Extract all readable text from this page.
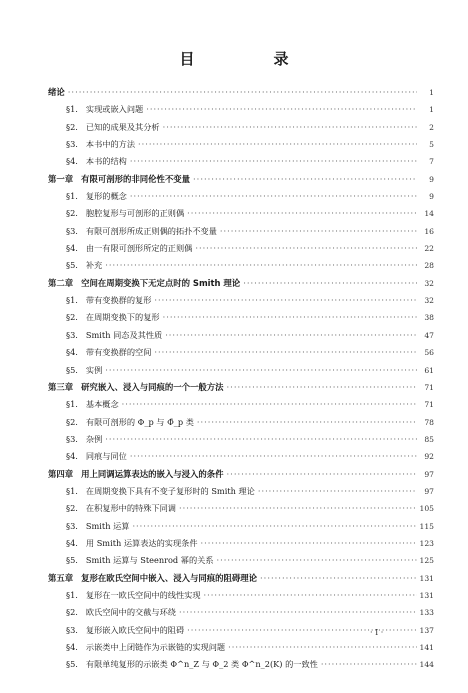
目　录
绪论 ·····	1
§1. 实现或嵌入问题 ·····	1
§2. 已知的成果及其分析 ·····	2
§3. 本书中的方法 ·····	5
§4. 本书的结构 ·····	7
第一章 有限可剖形的非同伦性不变量 ·····	9
§1. 复形的概念 ·····	9
§2. 胞腔复形与可剖形的正则偶 ·····	14
§3. 有限可剖形所成正则偶的拓扑不变量 ·····	16
§4. 由一有限可剖形所定的正则偶 ·····	22
§5. 补充 ·····	28
第二章 空间在周期变换下无定点时的 Smith 理论 ·····	32
§1. 带有变换群的复形 ·····	32
§2. 在周期变换下的复形 ·····	38
§3. Smith 同态及其性质 ·····	47
§4. 带有变换群的空间 ·····	56
§5. 实例 ·····	61
第三章 研究嵌入、浸入与同痕的一个一般方法 ·····	71
§1. 基本概念 ·····	71
§2. 有限可剖形的 Φ_p 与 Φ̃_p 类 ·····	78
§3. 杂例 ·····	85
§4. 同痕与同位 ·····	92
第四章 用上同调运算表达的嵌入与浸入的条件 ·····	97
§1. 在周期变换下具有不变子复形时的 Smith 理论 ·····	97
§2. 在积复形中的特殊下同调 ·····	105
§3. Smith 运算 ·····	115
§4. 用 Smith 运算表达的实现条件 ·····	123
§5. Smith 运算与 Steenrod 幂的关系 ·····	125
第五章 复形在欧氏空间中嵌入、浸入与同痕的阻碍理论 ·····	131
§1. 复形在一欧氏空间中的线性实现 ·····	131
§2. 欧氏空间中的交截与环绕 ·····	133
§3. 复形嵌入欧氏空间中的阻碍 ·····	137
§4. 示嵌类中上闭链作为示嵌链的实现问题 ·····	141
§5. 有限单纯复形的示嵌类 Φ^n_Z 与 Φ_2 类 Φ^n_2(K) 的一致性 ·····	144
· I ·
